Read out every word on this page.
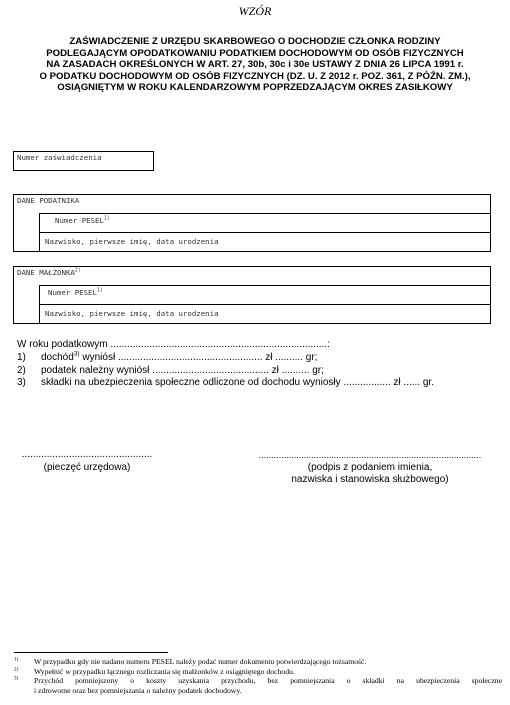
WZÓR
ZAŚWIADCZENIE Z URZĘDU SKARBOWEGO O DOCHODZIE CZŁONKA RODZINY
PODLEGAJĄCYM OPODATKOWANIU PODATKIEM DOCHODOWYM OD OSÓB FIZYCZNYCH
NA ZASADACH OKREŚLONYCH W ART. 27, 30b, 30c i 30e USTAWY Z DNIA 26 LIPCA 1991 r.
O PODATKU DOCHODOWYM OD OSÓB FIZYCZNYCH (DZ. U. Z 2012 r. POZ. 361, Z PÓŹN. ZM.),
OSIĄGNIĘTYM W ROKU KALENDARZOWYM POPRZEDZAJĄCYM OKRES ZASIŁKOWY
Numer zaświadczenia
DANE PODATNIKA
Numer PESEL$^{1)}$
Nazwisko, pierwsze imię, data urodzenia
DANE MAŁŻONKA$^{2)}$
Numer PESEL$^{1)}$
Nazwisko, pierwsze imię, data urodzenia
W roku podatkowym ..............................................................................:
1)	dochód$^{3)}$ wyniósł .................................................... zł .......... gr;
2)	podatek należny wyniósł .......................................... zł .......... gr;
3)	składki na ubezpieczenia społeczne odliczone od dochodu wyniosły ................. zł ...... gr.
...............................................
(pieczęć urzędowa)
.........................................................................................
(podpis z podaniem imienia,
nazwiska i stanowiska służbowego)
$^{1)}$	W przypadku gdy nie nadano numeru PESEL należy podać numer dokumentu potwierdzającego tożsamość.
$^{2)}$	Wypełnić w przypadku łącznego rozliczania się małżonków z osiągniętego dochodu.
$^{3)}$	Przychód pomniejszony o koszty uzyskania przychodu, bez pomniejszania o składki na ubezpieczenia społeczne
i zdrowotne oraz bez pomniejszania o należny podatek dochodowy.
